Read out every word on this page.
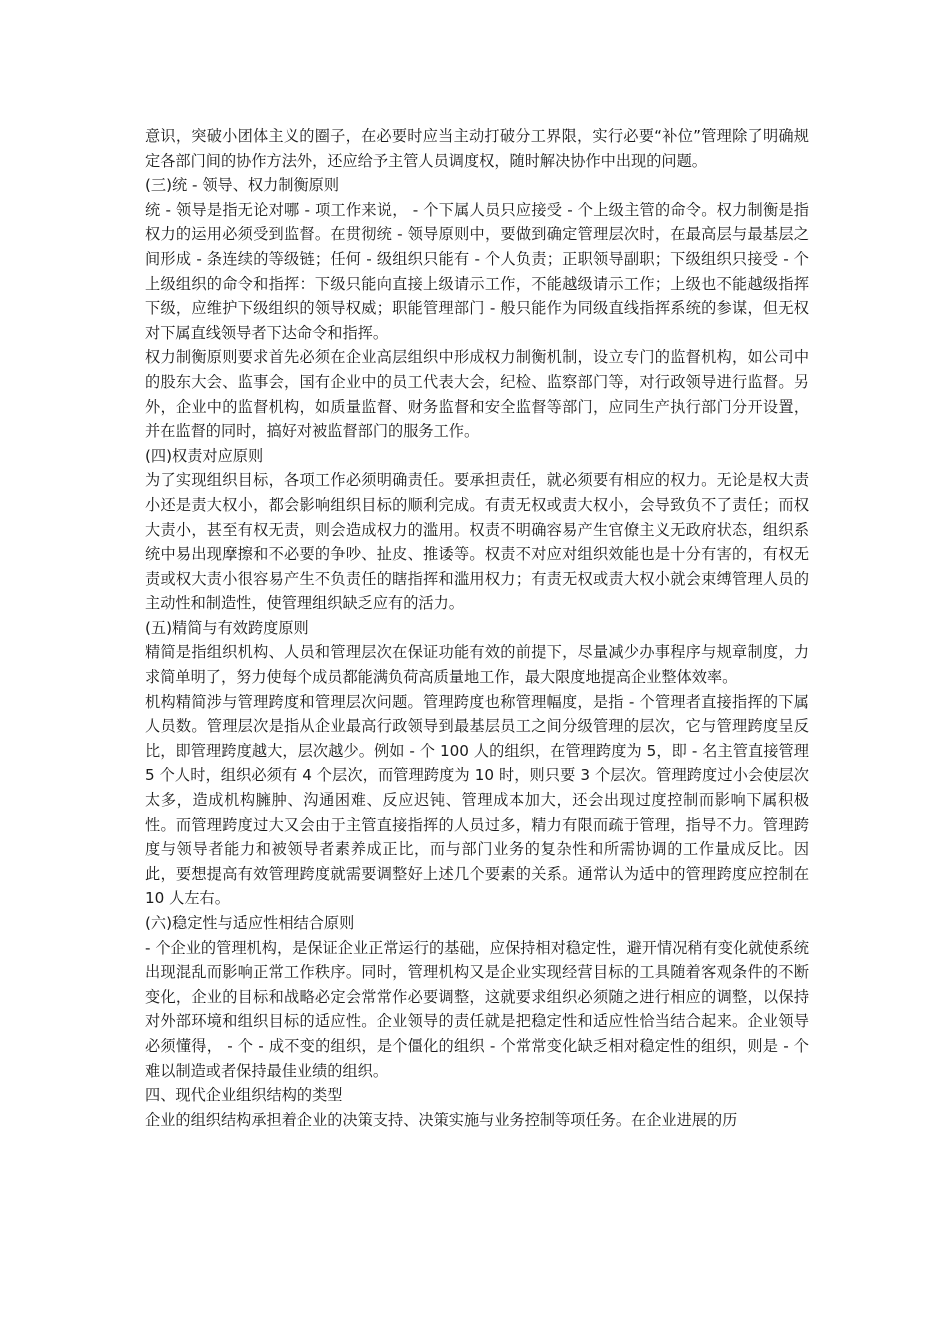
意识，突破小团体主义的圈子，在必要时应当主动打破分工界限，实行必要“补位”管理除了明确规定各部门间的协作方法外，还应给予主管人员调度权，随时解决协作中出现的问题。

(三)统 - 领导、权力制衡原则

统 - 领导是指无论对哪 - 项工作来说， - 个下属人员只应接受 - 个上级主管的命令。权力制衡是指权力的运用必须受到监督。在贯彻统 - 领导原则中，要做到确定管理层次时，在最高层与最基层之间形成 - 条连续的等级链；任何 - 级组织只能有 - 个人负责；正职领导副职；下级组织只接受 - 个上级组织的命令和指挥：下级只能向直接上级请示工作，不能越级请示工作；上级也不能越级指挥下级，应维护下级组织的领导权威；职能管理部门 - 般只能作为同级直线指挥系统的参谋，但无权对下属直线领导者下达命令和指挥。

权力制衡原则要求首先必须在企业高层组织中形成权力制衡机制，设立专门的监督机构，如公司中的股东大会、监事会，国有企业中的员工代表大会，纪检、监察部门等，对行政领导进行监督。另外，企业中的监督机构，如质量监督、财务监督和安全监督等部门，应同生产执行部门分开设置，并在监督的同时，搞好对被监督部门的服务工作。

(四)权责对应原则

为了实现组织目标，各项工作必须明确责任。要承担责任，就必须要有相应的权力。无论是权大责小还是责大权小，都会影响组织目标的顺利完成。有责无权或责大权小，会导致负不了责任；而权大责小，甚至有权无责，则会造成权力的滥用。权责不明确容易产生官僚主义无政府状态，组织系统中易出现摩擦和不必要的争吵、扯皮、推诿等。权责不对应对组织效能也是十分有害的，有权无责或权大责小很容易产生不负责任的瞎指挥和滥用权力；有责无权或责大权小就会束缚管理人员的主动性和制造性，使管理组织缺乏应有的活力。

(五)精简与有效跨度原则

精简是指组织机构、人员和管理层次在保证功能有效的前提下，尽量减少办事程序与规章制度，力求简单明了，努力使每个成员都能满负荷高质量地工作，最大限度地提高企业整体效率。

机构精简涉与管理跨度和管理层次问题。管理跨度也称管理幅度，是指 - 个管理者直接指挥的下属人员数。管理层次是指从企业最高行政领导到最基层员工之间分级管理的层次，它与管理跨度呈反比，即管理跨度越大，层次越少。例如 - 个 100 人的组织，在管理跨度为 5，即 - 名主管直接管理 5 个人时，组织必须有 4 个层次，而管理跨度为 10 时，则只要 3 个层次。管理跨度过小会使层次太多，造成机构臃肿、沟通困难、反应迟钝、管理成本加大，还会出现过度控制而影响下属积极性。而管理跨度过大又会由于主管直接指挥的人员过多，精力有限而疏于管理，指导不力。管理跨度与领导者能力和被领导者素养成正比，而与部门业务的复杂性和所需协调的工作量成反比。因此，要想提高有效管理跨度就需要调整好上述几个要素的关系。通常认为适中的管理跨度应控制在 10 人左右。

(六)稳定性与适应性相结合原则

- 个企业的管理机构，是保证企业正常运行的基础，应保持相对稳定性，避开情况稍有变化就使系统出现混乱而影响正常工作秩序。同时，管理机构又是企业实现经营目标的工具随着客观条件的不断变化，企业的目标和战略必定会常常作必要调整，这就要求组织必须随之进行相应的调整，以保持对外部环境和组织目标的适应性。企业领导的责任就是把稳定性和适应性恰当结合起来。企业领导必须懂得， - 个 - 成不变的组织，是个僵化的组织 - 个常常变化缺乏相对稳定性的组织，则是 - 个难以制造或者保持最佳业绩的组织。

四、现代企业组织结构的类型

企业的组织结构承担着企业的决策支持、决策实施与业务控制等项任务。在企业进展的历
